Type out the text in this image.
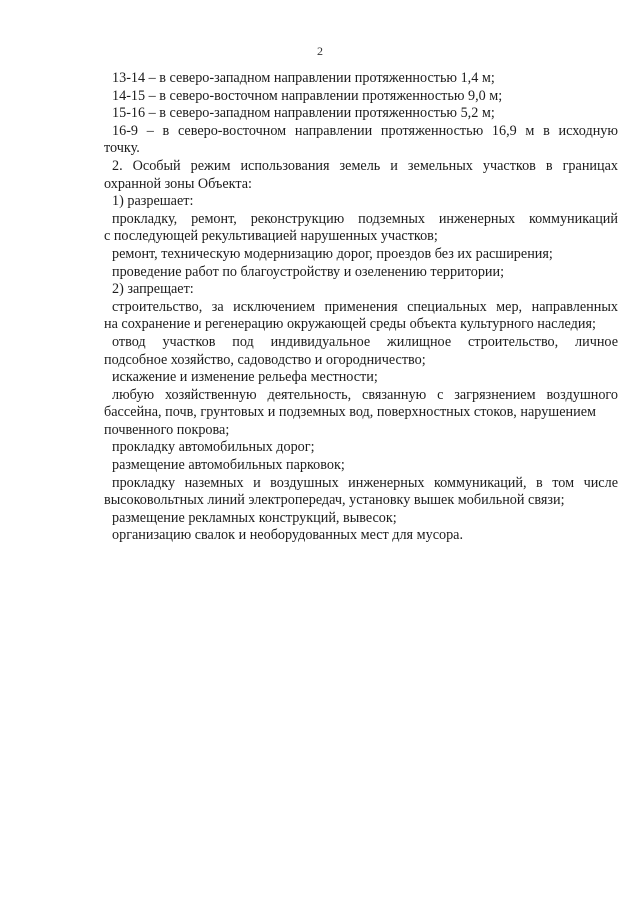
2

13-14 – в северо-западном направлении протяженностью 1,4 м;

14-15 – в северо-восточном направлении протяженностью 9,0 м;

15-16 – в северо-западном направлении протяженностью 5,2 м;

16-9 – в северо-восточном направлении протяженностью 16,9 м в исходную

точку.

2. Особый режим использования земель и земельных участков в границах

охранной зоны Объекта:

1) разрешает:

прокладку, ремонт, реконструкцию подземных инженерных коммуникаций

с последующей рекультивацией нарушенных участков;

ремонт, техническую модернизацию дорог, проездов без их расширения;

проведение работ по благоустройству и озеленению территории;

2) запрещает:

строительство, за исключением применения специальных мер, направленных

на сохранение и регенерацию окружающей среды объекта культурного наследия;

отвод участков под индивидуальное жилищное строительство, личное

подсобное хозяйство, садоводство и огородничество;

искажение и изменение рельефа местности;

любую хозяйственную деятельность, связанную с загрязнением воздушного

бассейна, почв, грунтовых и подземных вод, поверхностных стоков, нарушением

почвенного покрова;

прокладку автомобильных дорог;

размещение автомобильных парковок;

прокладку наземных и воздушных инженерных коммуникаций, в том числе

высоковольтных линий электропередач, установку вышек мобильной связи;

размещение рекламных конструкций, вывесок;

организацию свалок и необорудованных мест для мусора.
